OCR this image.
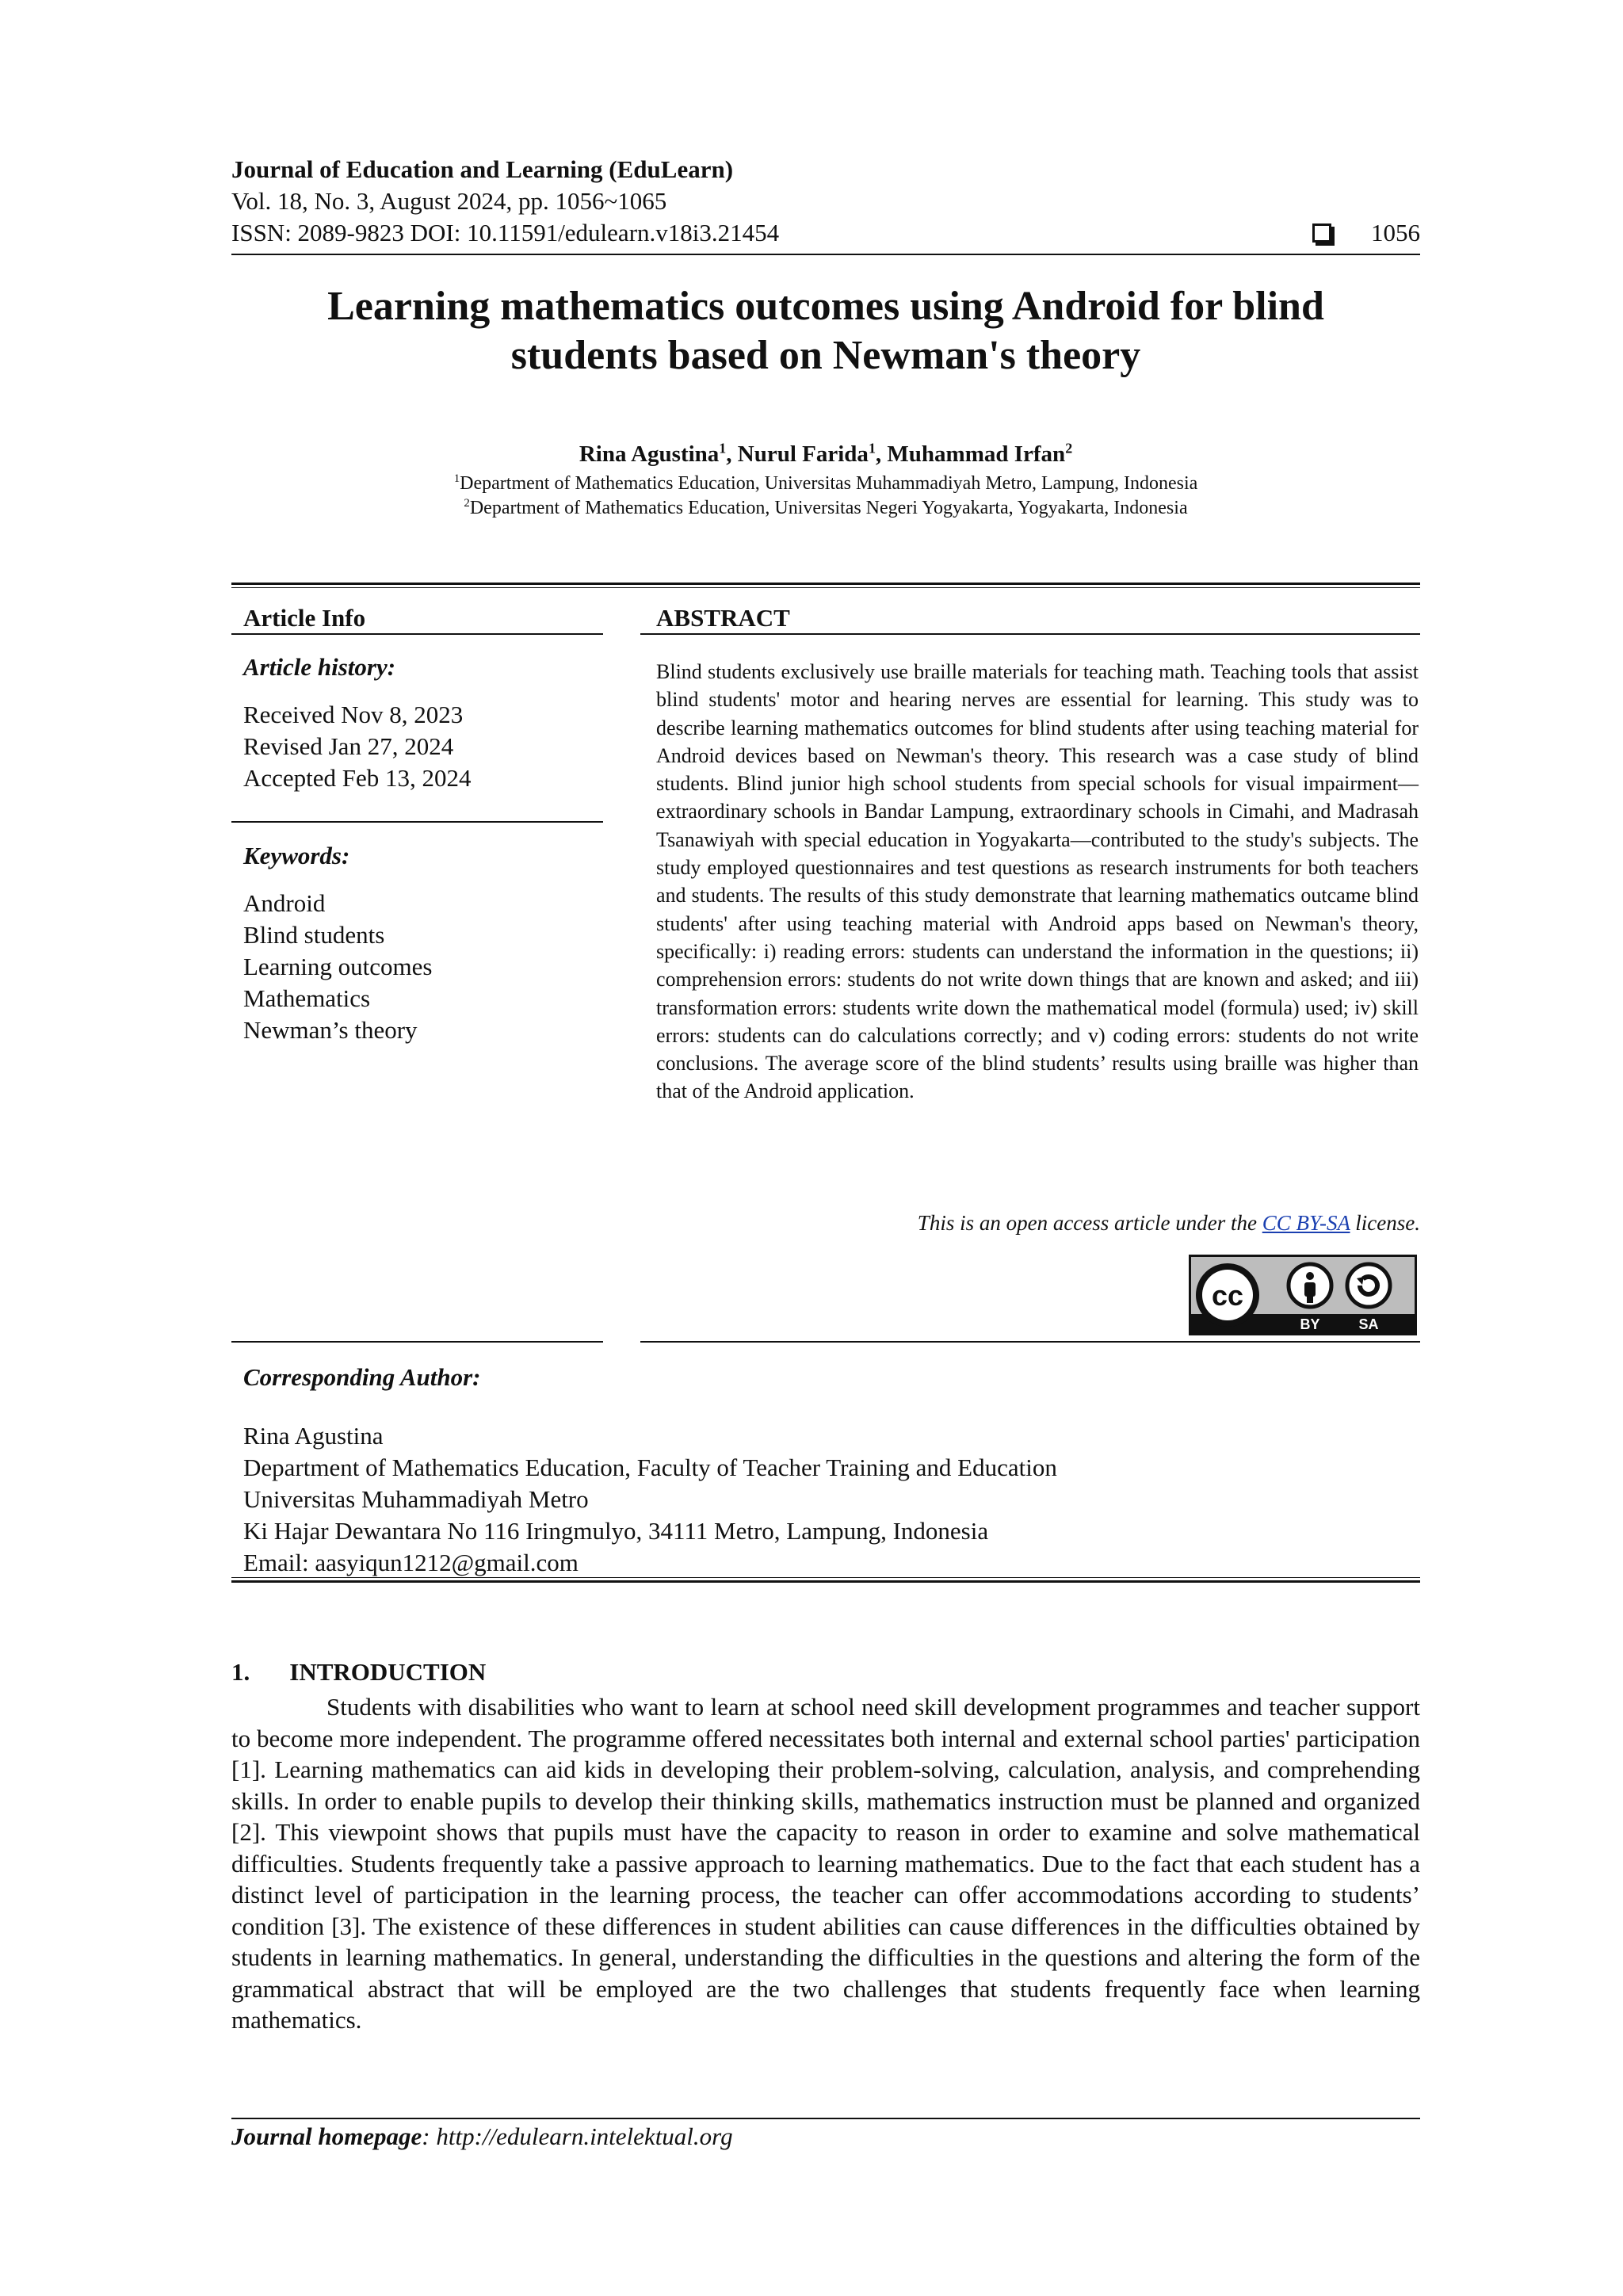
Journal of Education and Learning (EduLearn)
Vol. 18, No. 3, August 2024, pp. 1056~1065
ISSN: 2089-9823 DOI: 10.11591/edulearn.v18i3.21454	1056
Learning mathematics outcomes using Android for blind
students based on Newman's theory
Rina Agustina$^1$, Nurul Farida$^1$, Muhammad Irfan$^2$
$^1$Department of Mathematics Education, Universitas Muhammadiyah Metro, Lampung, Indonesia
$^2$Department of Mathematics Education, Universitas Negeri Yogyakarta, Yogyakarta, Indonesia
Article Info
Article history:
Received Nov 8, 2023
Revised Jan 27, 2024
Accepted Feb 13, 2024
Keywords:
Android
Blind students
Learning outcomes
Mathematics
Newman’s theory
ABSTRACT
Blind students exclusively use braille materials for teaching math. Teaching tools that assist blind students' motor and hearing nerves are essential for learning. This study was to describe learning mathematics outcomes for blind students after using teaching material for Android devices based on Newman's theory. This research was a case study of blind students. Blind junior high school students from special schools for visual impairment—extraordinary schools in Bandar Lampung, extraordinary schools in Cimahi, and Madrasah Tsanawiyah with special education in Yogyakarta—contributed to the study's subjects. The study employed questionnaires and test questions as research instruments for both teachers and students. The results of this study demonstrate that learning mathematics outcame blind students' after using teaching material with Android apps based on Newman's theory, specifically: i) reading errors: students can understand the information in the questions; ii) comprehension errors: students do not write down things that are known and asked; and iii) transformation errors: students write down the mathematical model (formula) used; iv) skill errors: students can do calculations correctly; and v) coding errors: students do not write conclusions. The average score of the blind students’ results using braille was higher than that of the Android application.
This is an open access article under the CC BY-SA license.
cc
BY	SA
Corresponding Author:
Rina Agustina
Department of Mathematics Education, Faculty of Teacher Training and Education
Universitas Muhammadiyah Metro
Ki Hajar Dewantara No 116 Iringmulyo, 34111 Metro, Lampung, Indonesia
Email: aasyiqun1212@gmail.com
1. INTRODUCTION
Students with disabilities who want to learn at school need skill development programmes and teacher support to become more independent. The programme offered necessitates both internal and external school parties' participation [1]. Learning mathematics can aid kids in developing their problem-solving, calculation, analysis, and comprehending skills. In order to enable pupils to develop their thinking skills, mathematics instruction must be planned and organized [2]. This viewpoint shows that pupils must have the capacity to reason in order to examine and solve mathematical difficulties. Students frequently take a passive approach to learning mathematics. Due to the fact that each student has a distinct level of participation in the learning process, the teacher can offer accommodations according to students’ condition [3]. The existence of these differences in student abilities can cause differences in the difficulties obtained by students in learning mathematics. In general, understanding the difficulties in the questions and altering the form of the grammatical abstract that will be employed are the two challenges that students frequently face when learning mathematics.
Journal homepage: http://edulearn.intelektual.org
